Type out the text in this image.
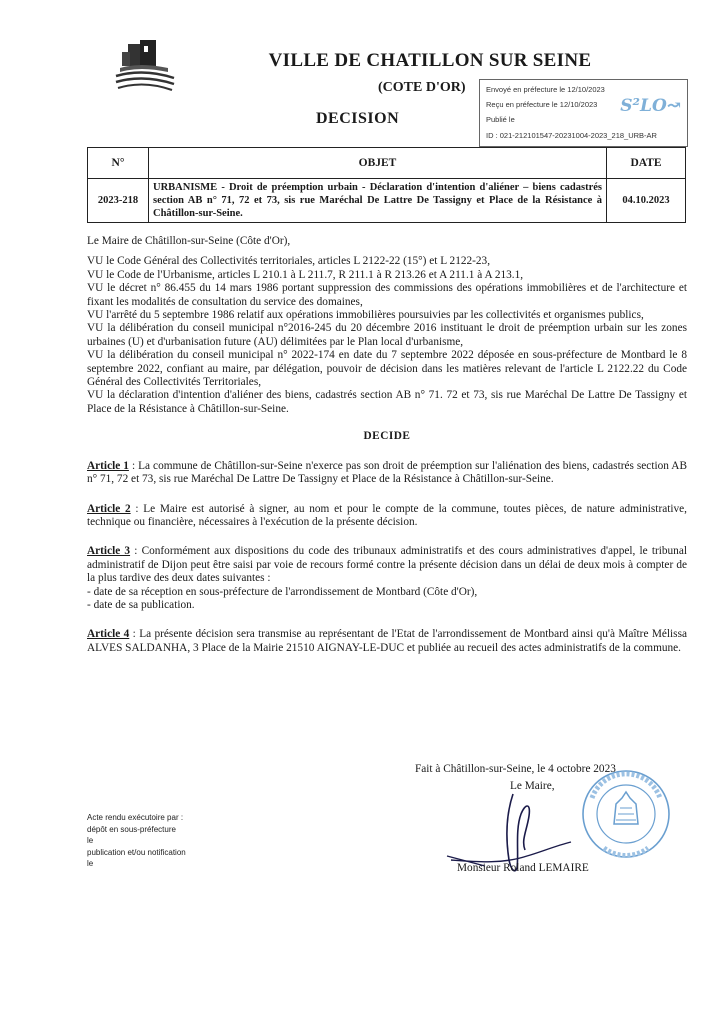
VILLE DE CHATILLON SUR SEINE
(COTE D'OR)
DECISION
Envoyé en préfecture le 12/10/2023
Reçu en préfecture le 12/10/2023
Publié le
ID : 021-212101547-20231004-2023_218_URB-AR
S²LO↝
N°	OBJET	DATE
2023-218	URBANISME - Droit de préemption urbain - Déclaration d'intention d'aliéner – biens cadastrés section AB n° 71, 72 et 73, sis rue Maréchal De Lattre De Tassigny et Place de la Résistance à Châtillon-sur-Seine.	04.10.2023

Le Maire de Châtillon-sur-Seine (Côte d'Or),

VU le Code Général des Collectivités territoriales, articles L 2122-22 (15°) et L 2122-23,

VU le Code de l'Urbanisme, articles L 210.1 à L 211.7, R 211.1 à R 213.26 et A 211.1 à A 213.1,

VU le décret n° 86.455 du 14 mars 1986 portant suppression des commissions des opérations immobilières et de l'architecture et fixant les modalités de consultation du service des domaines,

VU l'arrêté du 5 septembre 1986 relatif aux opérations immobilières poursuivies par les collectivités et organismes publics,

VU la délibération du conseil municipal n°2016-245 du 20 décembre 2016 instituant le droit de préemption urbain sur les zones urbaines (U) et d'urbanisation future (AU) délimitées par le Plan local d'urbanisme,

VU la délibération du conseil municipal n° 2022-174 en date du 7 septembre 2022 déposée en sous-préfecture de Montbard le 8 septembre 2022, confiant au maire, par délégation, pouvoir de décision dans les matières relevant de l'article L 2122.22 du Code Général des Collectivités Territoriales,

VU la déclaration d'intention d'aliéner des biens, cadastrés section AB n° 71. 72 et 73, sis rue Maréchal De Lattre De Tassigny et Place de la Résistance à Châtillon-sur-Seine.

DECIDE

Article 1 : La commune de Châtillon-sur-Seine n'exerce pas son droit de préemption sur l'aliénation des biens, cadastrés section AB n° 71, 72 et 73, sis rue Maréchal De Lattre De Tassigny et Place de la Résistance à Châtillon-sur-Seine.

Article 2 : Le Maire est autorisé à signer, au nom et pour le compte de la commune, toutes pièces, de nature administrative, technique ou financière, nécessaires à l'exécution de la présente décision.

Article 3 : Conformément aux dispositions du code des tribunaux administratifs et des cours administratives d'appel, le tribunal administratif de Dijon peut être saisi par voie de recours formé contre la présente décision dans un délai de deux mois à compter de la plus tardive des deux dates suivantes :

- date de sa réception en sous-préfecture de l'arrondissement de Montbard (Côte d'Or),

- date de sa publication.

Article 4 : La présente décision sera transmise au représentant de l'Etat de l'arrondissement de Montbard ainsi qu'à Maître Mélissa ALVES SALDANHA, 3 Place de la Mairie 21510 AIGNAY-LE-DUC et publiée au recueil des actes administratifs de la commune.

Fait à Châtillon-sur-Seine, le 4 octobre 2023
Le Maire,
Monsieur Roland LEMAIRE
Acte rendu exécutoire par :
dépôt en sous-préfecture
le
publication et/ou notification
le
